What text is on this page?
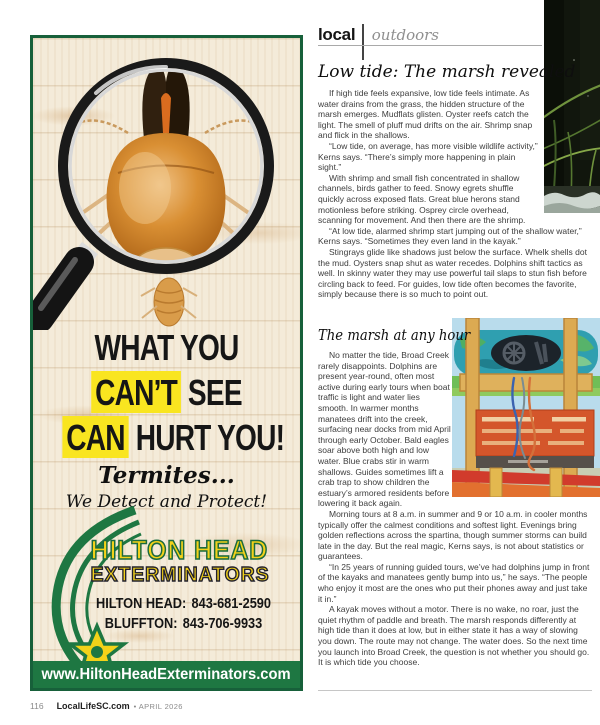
WHAT YOU
CAN’T SEE
CAN HURT YOU!
Termites...
We Detect and Protect!
HILTON HEAD
EXTERMINATORS
HILTON HEAD: 843-681-2590
BLUFFTON: 843-706-9933
www.HiltonHeadExterminators.com
local outdoors
Low tide: The marsh revealed

If high tide feels expansive, low tide feels intimate. As water drains from the grass, the hidden structure of the marsh emerges. Mudflats glisten. Oyster reefs catch the light. The smell of pluff mud drifts on the air. Shrimp snap and flick in the shallows.

“Low tide, on average, has more visible wildlife activity,” Kerns says. “There’s simply more happening in plain sight.”

With shrimp and small fish concentrated in shallow channels, birds gather to feed. Snowy egrets shuffle quickly across exposed flats. Great blue herons stand motionless before striking. Osprey circle overhead, scanning for movement. And then there are the shrimp.

“At low tide, alarmed shrimp start jumping out of the shallow water,” Kerns says. “Sometimes they even land in the kayak.”

Stingrays glide like shadows just below the surface. Whelk shells dot the mud. Oysters snap shut as water recedes. Dolphins shift tactics as well. In skinny water they may use powerful tail slaps to stun fish before circling back to feed. For guides, low tide often becomes the favorite, simply because there is so much to point out.

The marsh at any hour

No matter the tide, Broad Creek rarely disappoints. Dolphins are present year-round, often most active during early tours when boat traffic is light and water lies smooth. In warmer months manatees drift into the creek, surfacing near docks from mid April through early October. Bald eagles soar above both high and low water. Blue crabs stir in warm shallows. Guides sometimes lift a crab trap to show children the estuary’s armored residents before lowering it back again.

Morning tours at 8 a.m. in summer and 9 or 10 a.m. in cooler months typically offer the calmest conditions and softest light. Evenings bring golden reflections across the spartina, though summer storms can build late in the day. But the real magic, Kerns says, is not about statistics or guarantees.

“In 25 years of running guided tours, we’ve had dolphins jump in front of the kayaks and manatees gently bump into us,” he says. “The people who enjoy it most are the ones who put their phones away and just take it in.”

A kayak moves without a motor. There is no wake, no roar, just the quiet rhythm of paddle and breath. The marsh responds differently at high tide than it does at low, but in either state it has a way of slowing you down. The route may not change. The water does. So the next time you launch into Broad Creek, the question is not whether you should go. It is which tide you choose.

116 LocalLifeSC.com • APRIL 2026
